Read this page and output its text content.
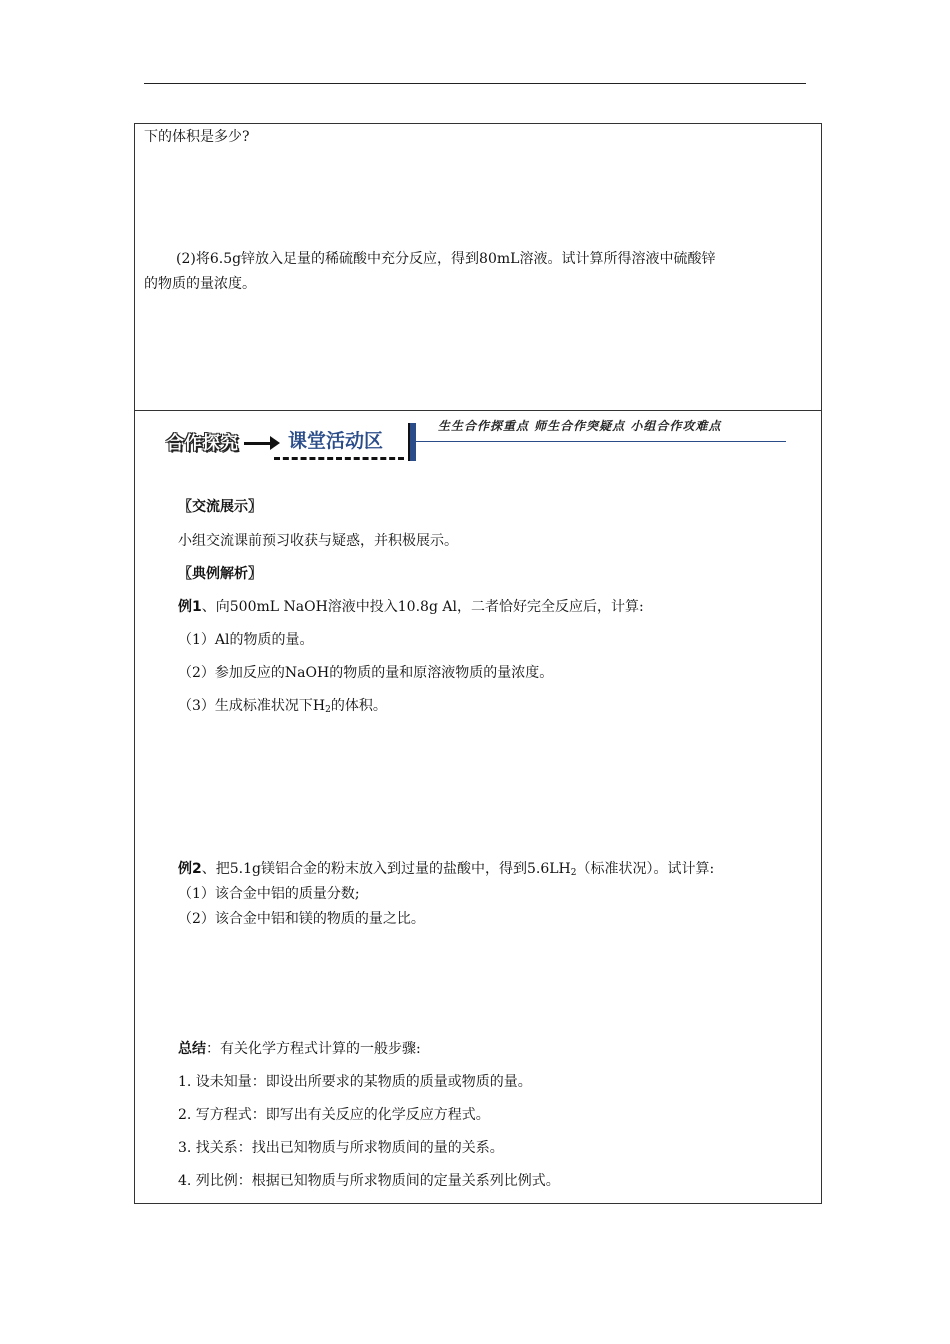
下的体积是多少?
(2)将6.5g锌放入足量的稀硫酸中充分反应，得到80mL溶液。试计算所得溶液中硫酸锌
的物质的量浓度。
合作探究	课堂活动区
生生合作探重点 师生合作突疑点 小组合作攻难点
〖交流展示〗
小组交流课前预习收获与疑惑，并积极展示。
〖典例解析〗
例1、向500mL NaOH溶液中投入10.8g Al，二者恰好完全反应后，计算:
（1）Al的物质的量。
（2）参加反应的NaOH的物质的量和原溶液物质的量浓度。
（3）生成标准状况下$H_2$的体积。
例2、把5.1g镁铝合金的粉末放入到过量的盐酸中，得到$5.6LH_2$（标准状况）。试计算:
（1）该合金中铝的质量分数;
（2）该合金中铝和镁的物质的量之比。
总结：有关化学方程式计算的一般步骤:
1. 设未知量：即设出所要求的某物质的质量或物质的量。
2. 写方程式：即写出有关反应的化学反应方程式。
3. 找关系：找出已知物质与所求物质间的量的关系。
4. 列比例：根据已知物质与所求物质间的定量关系列比例式。
